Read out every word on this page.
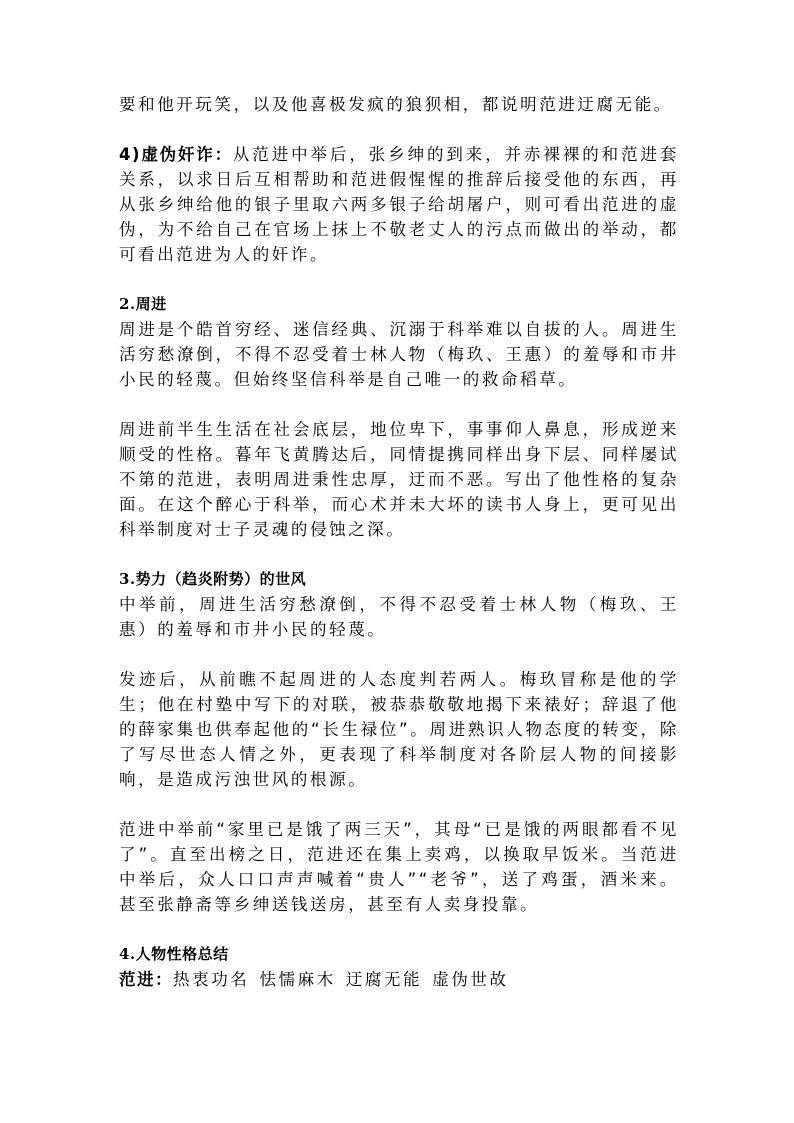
要和他开玩笑，以及他喜极发疯的狼狈相，都说明范进迂腐无能。

4)虚伪奸诈：从范进中举后，张乡绅的到来，并赤裸裸的和范进套关系，以求日后互相帮助和范进假惺惺的推辞后接受他的东西，再从张乡绅给他的银子里取六两多银子给胡屠户，则可看出范进的虚伪，为不给自己在官场上抹上不敬老丈人的污点而做出的举动，都可看出范进为人的奸诈。

2.周进

周进是个皓首穷经、迷信经典、沉溺于科举难以自拔的人。周进生活穷愁潦倒，不得不忍受着士林人物（梅玖、王惠）的羞辱和市井小民的轻蔑。但始终坚信科举是自己唯一的救命稻草。

周进前半生生活在社会底层，地位卑下，事事仰人鼻息，形成逆来顺受的性格。暮年飞黄腾达后，同情提携同样出身下层、同样屡试不第的范进，表明周进秉性忠厚，迂而不恶。写出了他性格的复杂面。在这个醉心于科举，而心术并未大坏的读书人身上，更可见出科举制度对士子灵魂的侵蚀之深。

3.势力（趋炎附势）的世风

中举前，周进生活穷愁潦倒，不得不忍受着士林人物（梅玖、王惠）的羞辱和市井小民的轻蔑。

发迹后，从前瞧不起周进的人态度判若两人。梅玖冒称是他的学生；他在村塾中写下的对联，被恭恭敬敬地揭下来裱好；辞退了他的薛家集也供奉起他的“长生禄位”。周进熟识人物态度的转变，除了写尽世态人情之外，更表现了科举制度对各阶层人物的间接影响，是造成污浊世风的根源。

范进中举前“家里已是饿了两三天”，其母“已是饿的两眼都看不见了”。直至出榜之日，范进还在集上卖鸡，以换取早饭米。当范进中举后，众人口口声声喊着“贵人”“老爷”，送了鸡蛋，酒米来。甚至张静斋等乡绅送钱送房，甚至有人卖身投靠。

4.人物性格总结

范进：热衷功名 怯懦麻木 迂腐无能 虚伪世故
